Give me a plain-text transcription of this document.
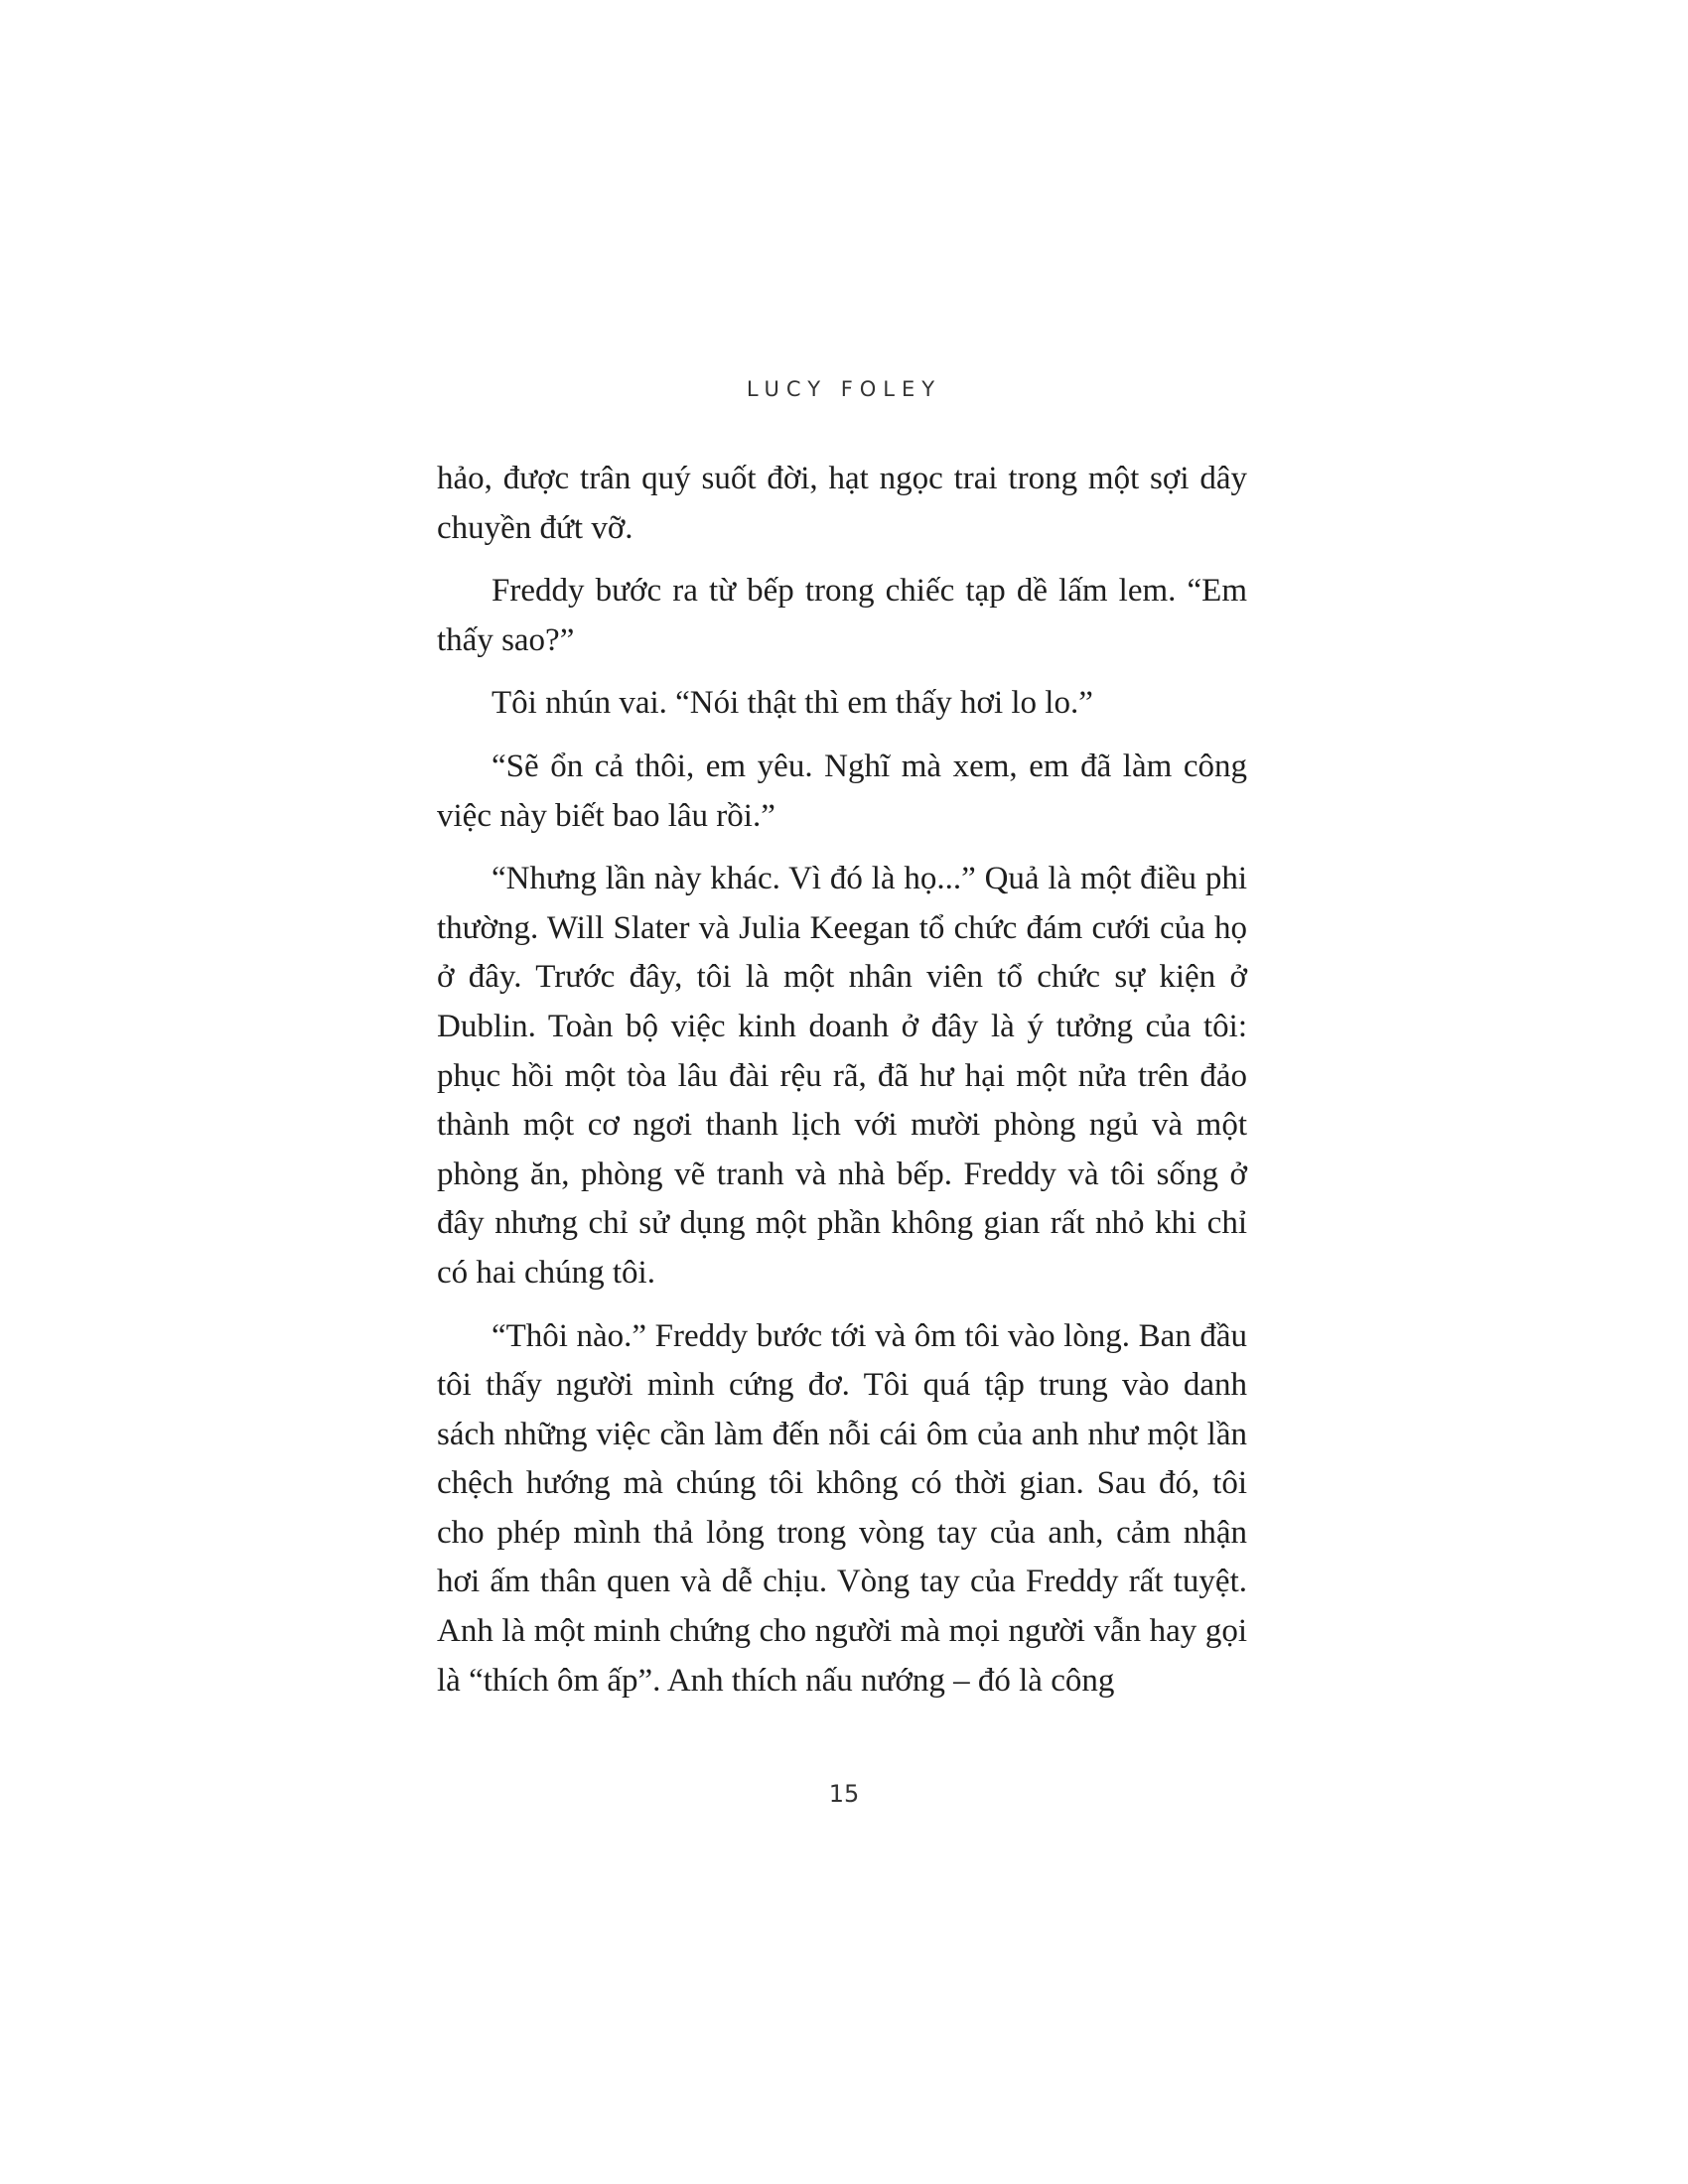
LUCY FOLEY

hảo, được trân quý suốt đời, hạt ngọc trai trong một sợi dây chuyền đứt vỡ.

Freddy bước ra từ bếp trong chiếc tạp dề lấm lem. “Em thấy sao?”

Tôi nhún vai. “Nói thật thì em thấy hơi lo lo.”

“Sẽ ổn cả thôi, em yêu. Nghĩ mà xem, em đã làm công việc này biết bao lâu rồi.”

“Nhưng lần này khác. Vì đó là họ...” Quả là một điều phi thường. Will Slater và Julia Keegan tổ chức đám cưới của họ ở đây. Trước đây, tôi là một nhân viên tổ chức sự kiện ở Dublin. Toàn bộ việc kinh doanh ở đây là ý tưởng của tôi: phục hồi một tòa lâu đài rệu rã, đã hư hại một nửa trên đảo thành một cơ ngơi thanh lịch với mười phòng ngủ và một phòng ăn, phòng vẽ tranh và nhà bếp. Freddy và tôi sống ở đây nhưng chỉ sử dụng một phần không gian rất nhỏ khi chỉ có hai chúng tôi.

“Thôi nào.” Freddy bước tới và ôm tôi vào lòng. Ban đầu tôi thấy người mình cứng đơ. Tôi quá tập trung vào danh sách những việc cần làm đến nỗi cái ôm của anh như một lần chệch hướng mà chúng tôi không có thời gian. Sau đó, tôi cho phép mình thả lỏng trong vòng tay của anh, cảm nhận hơi ấm thân quen và dễ chịu. Vòng tay của Freddy rất tuyệt. Anh là một minh chứng cho người mà mọi người vẫn hay gọi là “thích ôm ấp”. Anh thích nấu nướng – đó là công

15
